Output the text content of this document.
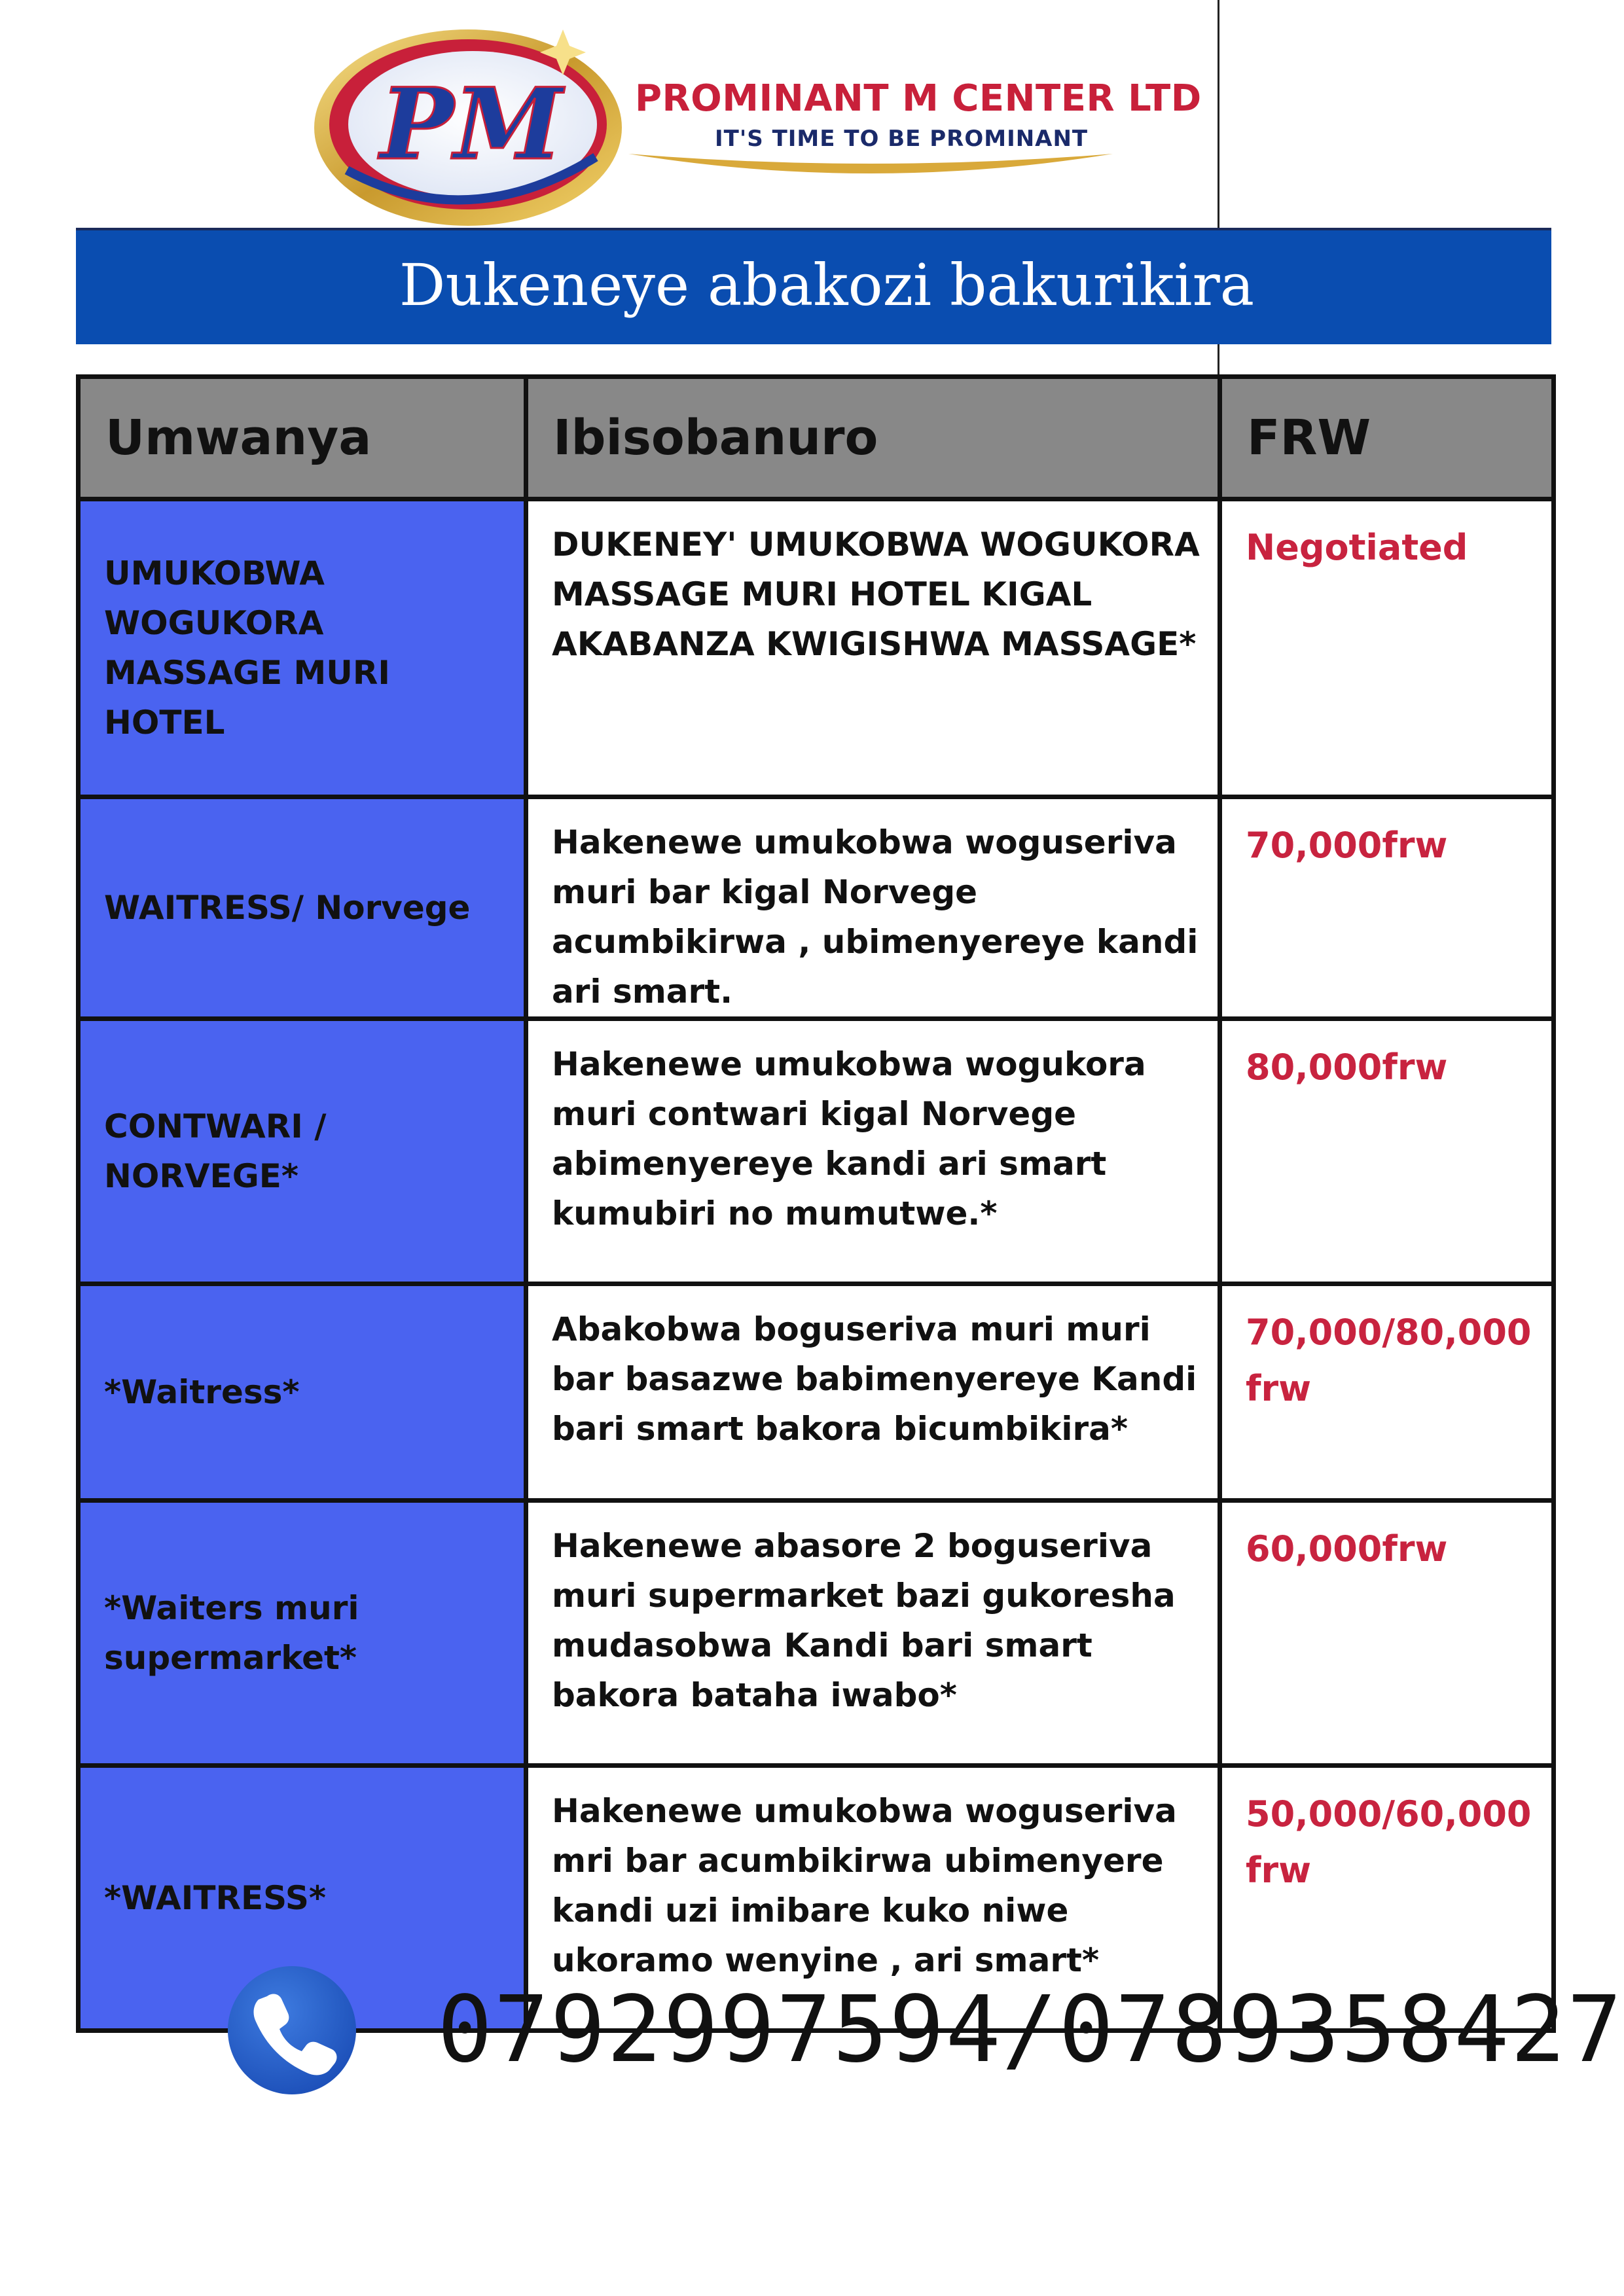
PM PROMINANT M CENTER LTD
IT'S TIME TO BE PROMINANT
Dukeneye abakozi bakurikira
Umwanya	Ibisobanuro	FRW
UMUKOBWA WOGUKORA MASSAGE MURI HOTEL	DUKENEY' UMUKOBWA WOGUKORA MASSAGE MURI HOTEL KIGAL AKABANZA KWIGISHWA MASSAGE*	Negotiated
WAITRESS/ Norvege	Hakenewe umukobwa woguseriva muri bar kigal Norvege acumbikirwa , ubimenyereye kandi ari smart.	70,000frw
CONTWARI / NORVEGE*	Hakenewe umukobwa wogukora muri contwari kigal Norvege abimenyereye kandi ari smart kumubiri no mumutwe.*	80,000frw
*Waitress*	Abakobwa boguseriva muri muri bar basazwe babimenyereye Kandi bari smart bakora bicumbikira*	70,000/80,000frw
*Waiters muri supermarket*	Hakenewe abasore 2 boguseriva muri supermarket bazi gukoresha mudasobwa Kandi bari smart bakora bataha iwabo*	60,000frw
*WAITRESS*	Hakenewe umukobwa woguseriva mri bar acumbikirwa ubimenyere kandi uzi imibare kuko niwe ukoramo wenyine , ari smart*	50,000/60,000frw
0792997594/0789358427
